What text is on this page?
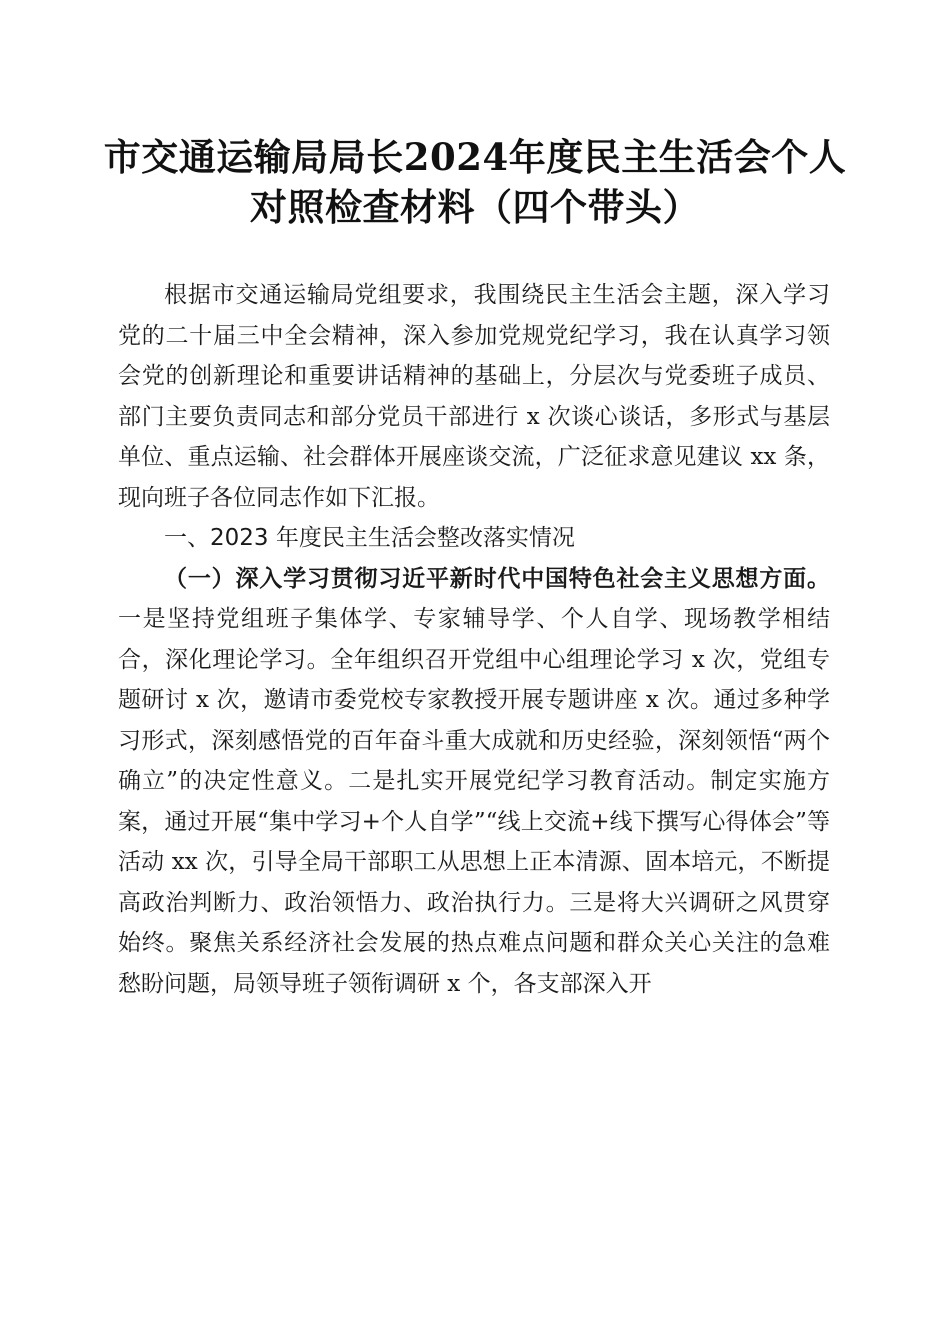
市交通运输局局长2024年度民主生活会个人
对照检查材料（四个带头）

根据市交通运输局党组要求，我围绕民主生活会主题，深入学习党的二十届三中全会精神，深入参加党规党纪学习，我在认真学习领会党的创新理论和重要讲话精神的基础上，分层次与党委班子成员、部门主要负责同志和部分党员干部进行 x 次谈心谈话，多形式与基层单位、重点运输、社会群体开展座谈交流，广泛征求意见建议 xx 条，现向班子各位同志作如下汇报。

一、2023 年度民主生活会整改落实情况

（一）深入学习贯彻习近平新时代中国特色社会主义思想方面。一是坚持党组班子集体学、专家辅导学、个人自学、现场教学相结合，深化理论学习。全年组织召开党组中心组理论学习 x 次，党组专题研讨 x 次，邀请市委党校专家教授开展专题讲座 x 次。通过多种学习形式，深刻感悟党的百年奋斗重大成就和历史经验，深刻领悟“两个确立”的决定性意义。二是扎实开展党纪学习教育活动。制定实施方案，通过开展“集中学习+个人自学”“线上交流+线下撰写心得体会”等活动 xx 次，引导全局干部职工从思想上正本清源、固本培元，不断提高政治判断力、政治领悟力、政治执行力。三是将大兴调研之风贯穿始终。聚焦关系经济社会发展的热点难点问题和群众关心关注的急难愁盼问题，局领导班子领衔调研 x 个，各支部深入开
